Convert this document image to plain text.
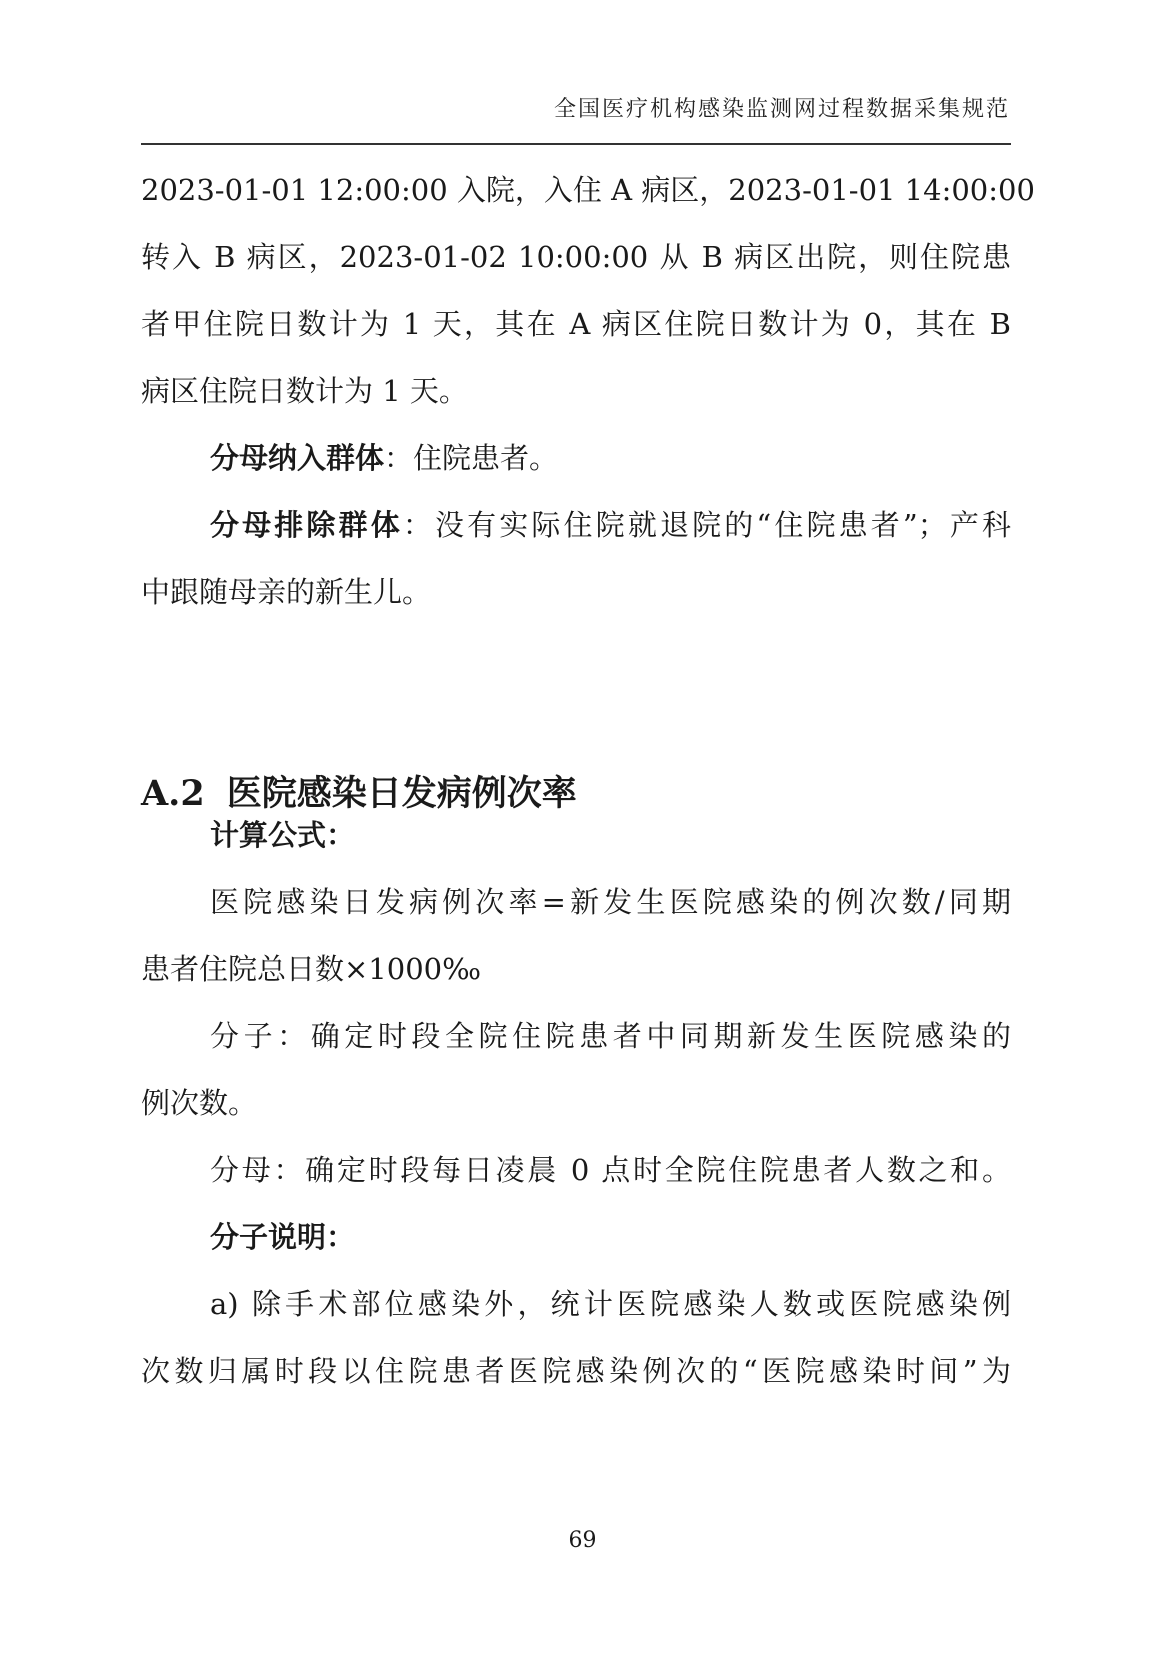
全国医疗机构感染监测网过程数据采集规范
2023-01-01 12:00:00 入院，入住 A 病区，2023-01-01 14:00:00
转入 B 病区，2023-01-02 10:00:00 从 B 病区出院，则住院患
者甲住院日数计为 1 天，其在 A 病区住院日数计为 0，其在 B
病区住院日数计为 1 天。
分母纳入群体：住院患者。
分母排除群体：没有实际住院就退院的“住院患者”；产科
中跟随母亲的新生儿。
A.2 医院感染日发病例次率
计算公式：
医院感染日发病例次率=新发生医院感染的例次数/同期
患者住院总日数×1000‰
分子：确定时段全院住院患者中同期新发生医院感染的
例次数。
分母：确定时段每日凌晨 0 点时全院住院患者人数之和。
分子说明：
a) 除手术部位感染外，统计医院感染人数或医院感染例
次数归属时段以住院患者医院感染例次的“医院感染时间”为
69
